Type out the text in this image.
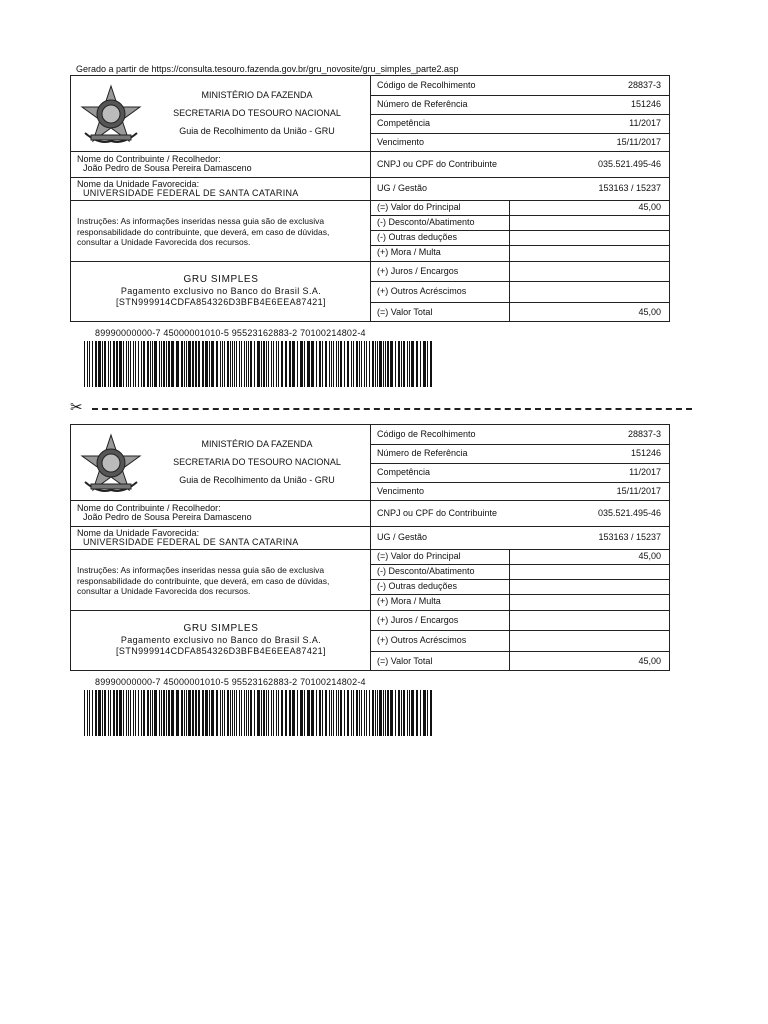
Gerado a partir de https://consulta.tesouro.fazenda.gov.br/gru_novosite/gru_simples_parte2.asp
MINISTÉRIO DA FAZENDA
SECRETARIA DO TESOURO NACIONAL
Guia de Recolhimento da União - GRU
Nome do Contribuinte / Recolhedor:
João Pedro de Sousa Pereira Damasceno
Nome da Unidade Favorecida:
UNIVERSIDADE FEDERAL DE SANTA CATARINA
Instruções: As informações inseridas nessa guia são de exclusiva responsabilidade do contribuinte, que deverá, em caso de dúvidas, consultar a Unidade Favorecida dos recursos.
GRU SIMPLES
Pagamento exclusivo no Banco do Brasil S.A.
[STN999914CDFA854326D3BFB4E6EEA87421]
Código de Recolhimento	28837-3
Número de Referência	151246
Competência	11/2017
Vencimento	15/11/2017
CNPJ ou CPF do Contribuinte	035.521.495-46
UG / Gestão	153163 / 15237
(=) Valor do Principal	45,00
(-) Desconto/Abatimento
(-) Outras deduções
(+) Mora / Multa
(+) Juros / Encargos
(+) Outros Acréscimos
(=) Valor Total	45,00
89990000000-7 45000001010-5 95523162883-2 70100214802-4
✂
MINISTÉRIO DA FAZENDA
SECRETARIA DO TESOURO NACIONAL
Guia de Recolhimento da União - GRU
Nome do Contribuinte / Recolhedor:
João Pedro de Sousa Pereira Damasceno
Nome da Unidade Favorecida:
UNIVERSIDADE FEDERAL DE SANTA CATARINA
Instruções: As informações inseridas nessa guia são de exclusiva responsabilidade do contribuinte, que deverá, em caso de dúvidas, consultar a Unidade Favorecida dos recursos.
GRU SIMPLES
Pagamento exclusivo no Banco do Brasil S.A.
[STN999914CDFA854326D3BFB4E6EEA87421]
Código de Recolhimento	28837-3
Número de Referência	151246
Competência	11/2017
Vencimento	15/11/2017
CNPJ ou CPF do Contribuinte	035.521.495-46
UG / Gestão	153163 / 15237
(=) Valor do Principal	45,00
(-) Desconto/Abatimento
(-) Outras deduções
(+) Mora / Multa
(+) Juros / Encargos
(+) Outros Acréscimos
(=) Valor Total	45,00
89990000000-7 45000001010-5 95523162883-2 70100214802-4
